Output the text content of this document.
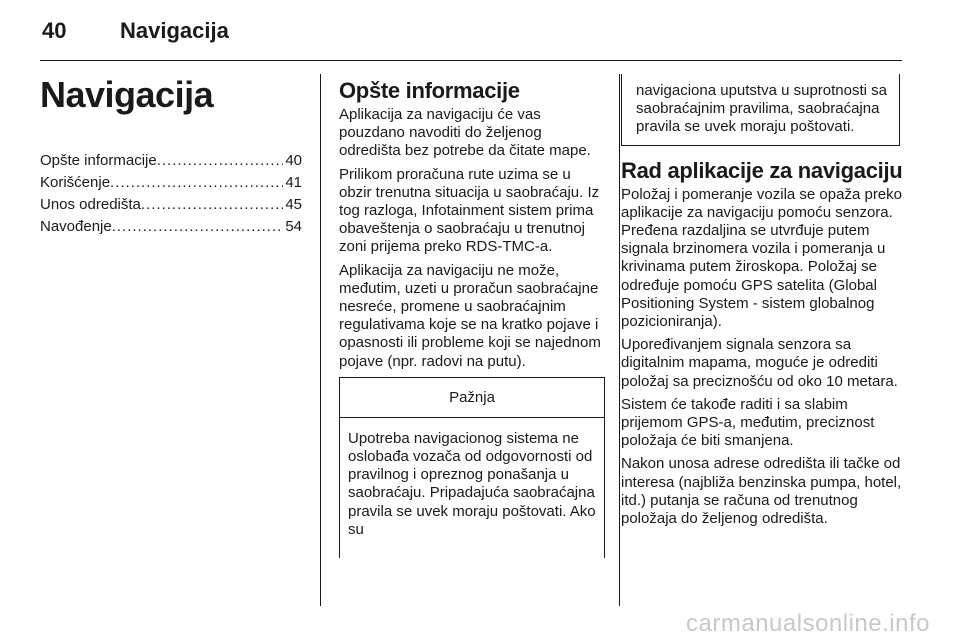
40 Navigacija
Navigacija
Opšte informacije .....	40
Korišćenje .....	41
Unos odredišta .....	45
Navođenje .....	54
Opšte informacije

Aplikacija za navigaciju će vas pouzdano navoditi do željenog odredišta bez potrebe da čitate mape.

Prilikom proračuna rute uzima se u obzir trenutna situacija u saobraćaju. Iz tog razloga, Infotainment sistem prima obaveštenja o saobraćaju u trenutnoj zoni prijema preko RDS-TMC-a.

Aplikacija za navigaciju ne može, međutim, uzeti u proračun saobraćajne nesreće, promene u saobraćajnim regulativama koje se na kratko pojave i opasnosti ili probleme koji se najednom pojave (npr. radovi na putu).

Pažnja

Upotreba navigacionog sistema ne oslobađa vozača od odgovornosti od pravilnog i opreznog ponašanja u saobraćaju. Pripadajuća saobraćajna pravila se uvek moraju poštovati. Ako su

navigaciona uputstva u suprotnosti sa saobraćajnim pravilima, saobraćajna pravila se uvek moraju poštovati.

Rad aplikacije za navigaciju

Položaj i pomeranje vozila se opaža preko aplikacije za navigaciju pomoću senzora. Pređena razdaljina se utvrđuje putem signala brzinomera vozila i pomeranja u krivinama putem žiroskopa. Položaj se određuje pomoću GPS satelita (Global Positioning System - sistem globalnog pozicioniranja).

Upoređivanjem signala senzora sa digitalnim mapama, moguće je odrediti položaj sa preciznošću od oko 10 metara.

Sistem će takođe raditi i sa slabim prijemom GPS-a, međutim, preciznost položaja će biti smanjena.

Nakon unosa adrese odredišta ili tačke od interesa (najbliža benzinska pumpa, hotel, itd.) putanja se računa od trenutnog položaja do željenog odredišta.

carmanualsonline.info
